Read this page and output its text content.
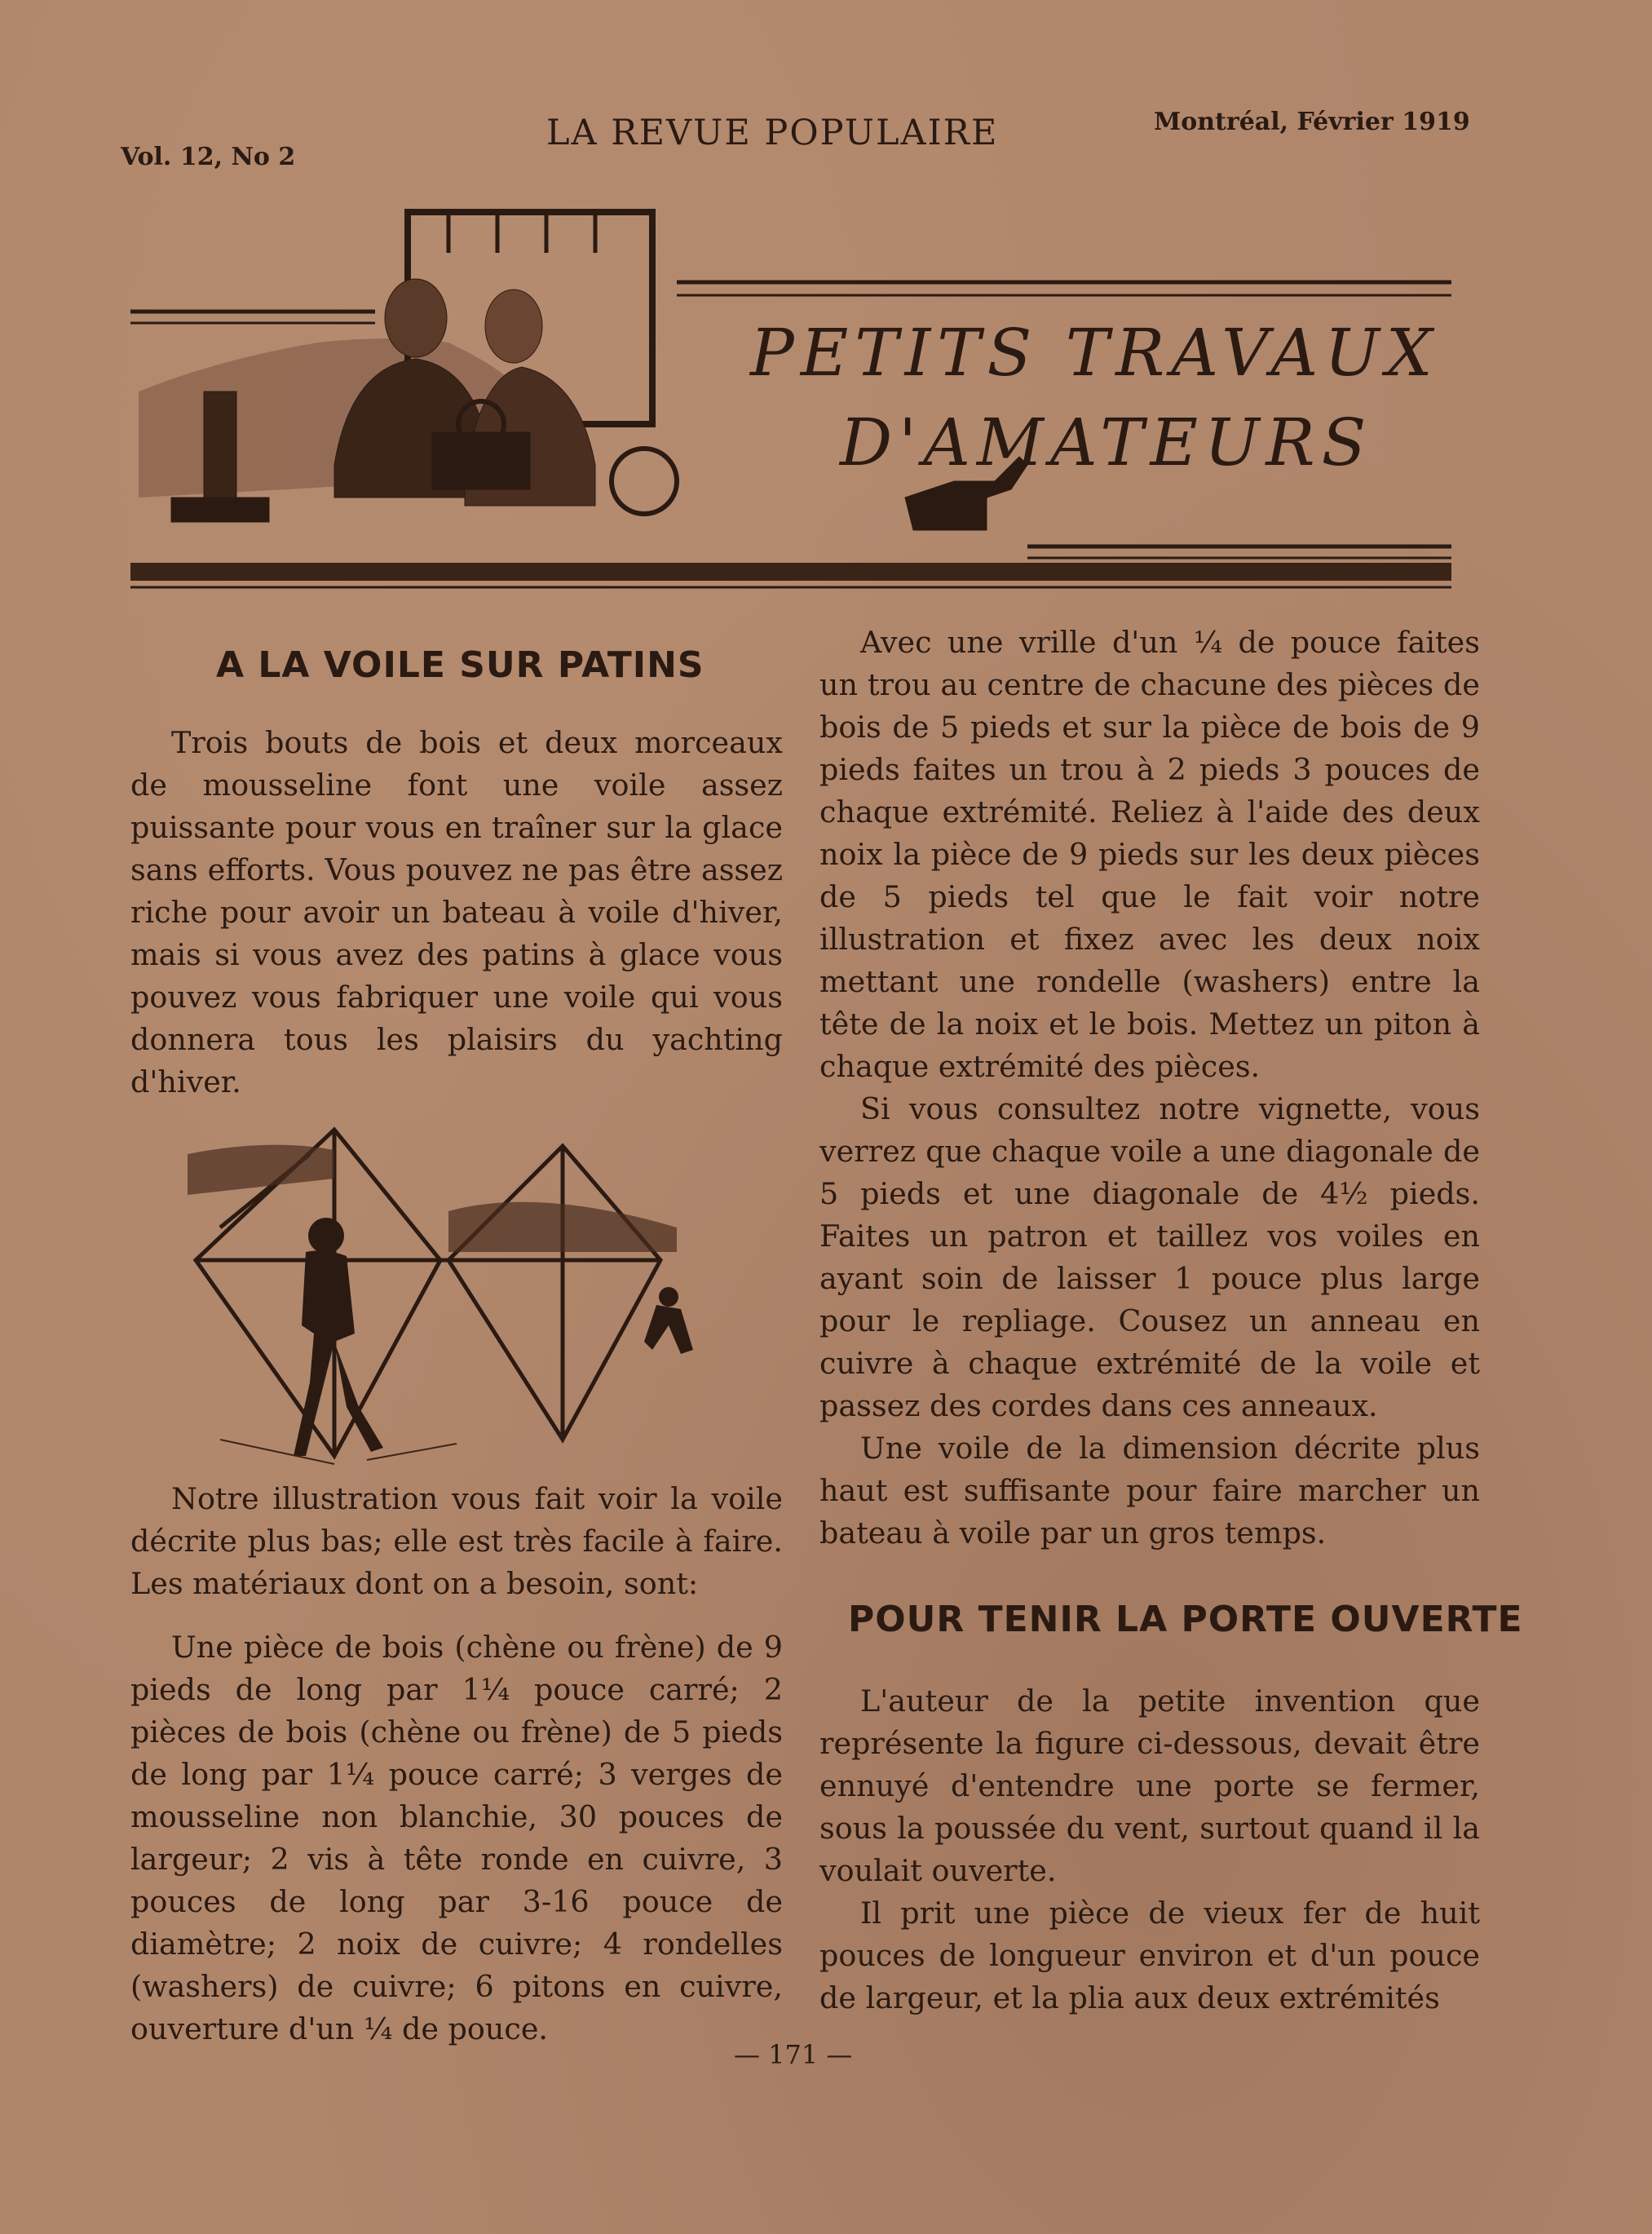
Vol. 12, No 2
LA REVUE POPULAIRE	Montréal, Février 1919
PETITS TRAVAUX
D'AMATEURS
A LA VOILE SUR PATINS

Trois bouts de bois et deux morceaux de mousseline font une voile assez puissante pour vous en traîner sur la glace sans efforts. Vous pouvez ne pas être assez riche pour avoir un bateau à voile d'hiver, mais si vous avez des patins à glace vous pouvez vous fabriquer une voile qui vous donnera tous les plaisirs du yachting d'hiver.

Notre illustration vous fait voir la voile décrite plus bas; elle est très facile à faire. Les matériaux dont on a besoin, sont:

Une pièce de bois (chène ou frène) de 9 pieds de long par 1¼ pouce carré; 2 pièces de bois (chène ou frène) de 5 pieds de long par 1¼ pouce carré; 3 verges de mousseline non blanchie, 30 pouces de largeur; 2 vis à tête ronde en cuivre, 3 pouces de long par 3-16 pouce de diamètre; 2 noix de cuivre; 4 rondelles (washers) de cuivre; 6 pitons en cuivre, ouverture d'un ¼ de pouce.

Avec une vrille d'un ¼ de pouce faites un trou au centre de chacune des pièces de bois de 5 pieds et sur la pièce de bois de 9 pieds faites un trou à 2 pieds 3 pouces de chaque extrémité. Reliez à l'aide des deux noix la pièce de 9 pieds sur les deux pièces de 5 pieds tel que le fait voir notre illustration et fixez avec les deux noix mettant une rondelle (washers) entre la tête de la noix et le bois. Mettez un piton à chaque extrémité des pièces.

Si vous consultez notre vignette, vous verrez que chaque voile a une diagonale de 5 pieds et une diagonale de 4½ pieds. Faites un patron et taillez vos voiles en ayant soin de laisser 1 pouce plus large pour le repliage. Cousez un anneau en cuivre à chaque extrémité de la voile et passez des cordes dans ces anneaux.

Une voile de la dimension décrite plus haut est suffisante pour faire marcher un bateau à voile par un gros temps.

POUR TENIR LA PORTE OUVERTE

L'auteur de la petite invention que représente la figure ci-dessous, devait être ennuyé d'entendre une porte se fermer, sous la poussée du vent, surtout quand il la voulait ouverte.

Il prit une pièce de vieux fer de huit pouces de longueur environ et d'un pouce de largeur, et la plia aux deux extrémités

— 171 —
